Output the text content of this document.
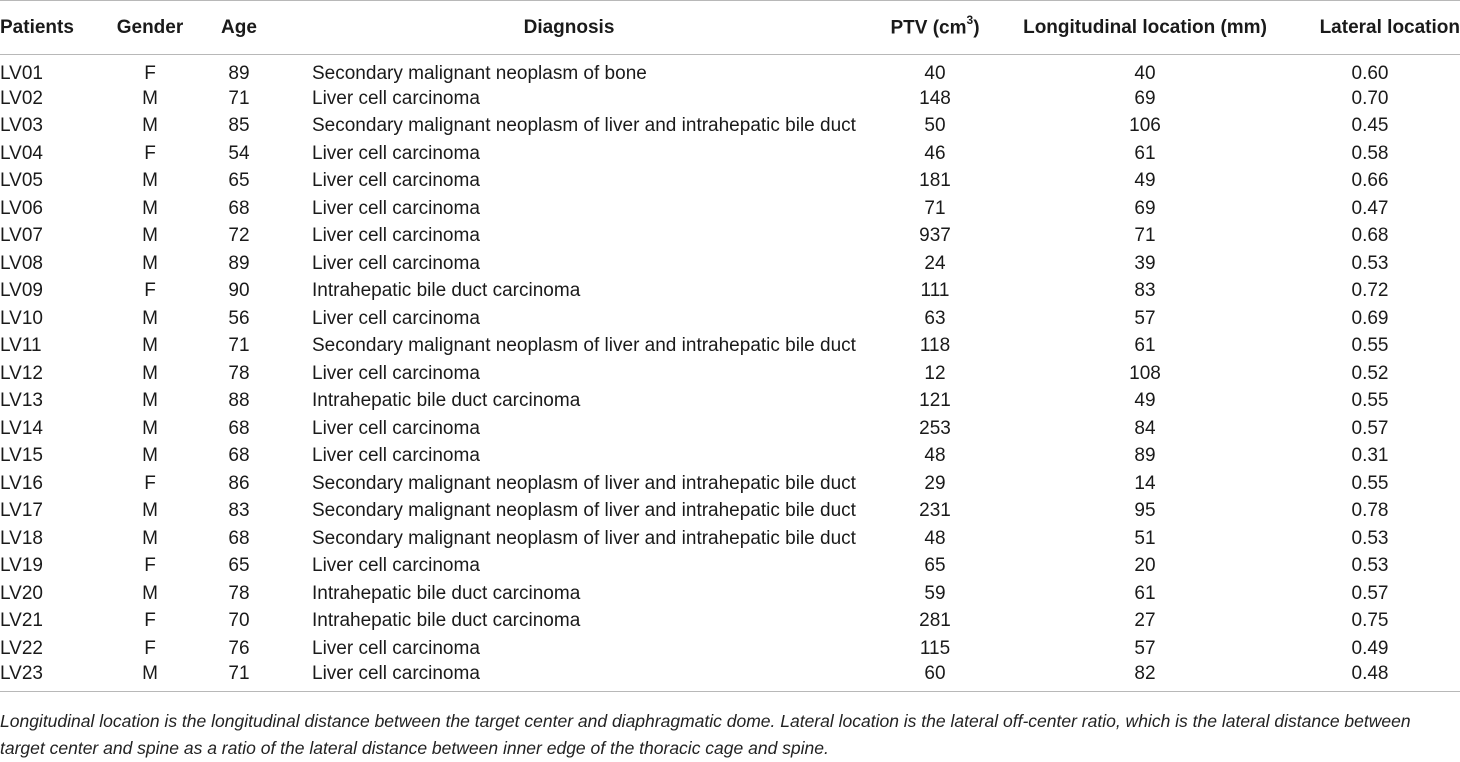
Patients	Gender	Age	Diagnosis	PTV $(cm^3)$	Longitudinal location (mm)	Lateral location
LV01	F	89	Secondary malignant neoplasm of bone	40	40	0.60
LV02	M	71	Liver cell carcinoma	148	69	0.70
LV03	M	85	Secondary malignant neoplasm of liver and intrahepatic bile duct	50	106	0.45
LV04	F	54	Liver cell carcinoma	46	61	0.58
LV05	M	65	Liver cell carcinoma	181	49	0.66
LV06	M	68	Liver cell carcinoma	71	69	0.47
LV07	M	72	Liver cell carcinoma	937	71	0.68
LV08	M	89	Liver cell carcinoma	24	39	0.53
LV09	F	90	Intrahepatic bile duct carcinoma	111	83	0.72
LV10	M	56	Liver cell carcinoma	63	57	0.69
LV11	M	71	Secondary malignant neoplasm of liver and intrahepatic bile duct	118	61	0.55
LV12	M	78	Liver cell carcinoma	12	108	0.52
LV13	M	88	Intrahepatic bile duct carcinoma	121	49	0.55
LV14	M	68	Liver cell carcinoma	253	84	0.57
LV15	M	68	Liver cell carcinoma	48	89	0.31
LV16	F	86	Secondary malignant neoplasm of liver and intrahepatic bile duct	29	14	0.55
LV17	M	83	Secondary malignant neoplasm of liver and intrahepatic bile duct	231	95	0.78
LV18	M	68	Secondary malignant neoplasm of liver and intrahepatic bile duct	48	51	0.53
LV19	F	65	Liver cell carcinoma	65	20	0.53
LV20	M	78	Intrahepatic bile duct carcinoma	59	61	0.57
LV21	F	70	Intrahepatic bile duct carcinoma	281	27	0.75
LV22	F	76	Liver cell carcinoma	115	57	0.49
LV23	M	71	Liver cell carcinoma	60	82	0.48
Longitudinal location is the longitudinal distance between the target center and diaphragmatic dome. Lateral location is the lateral off-center ratio, which is the lateral distance between target center and spine as a ratio of the lateral distance between inner edge of the thoracic cage and spine.
